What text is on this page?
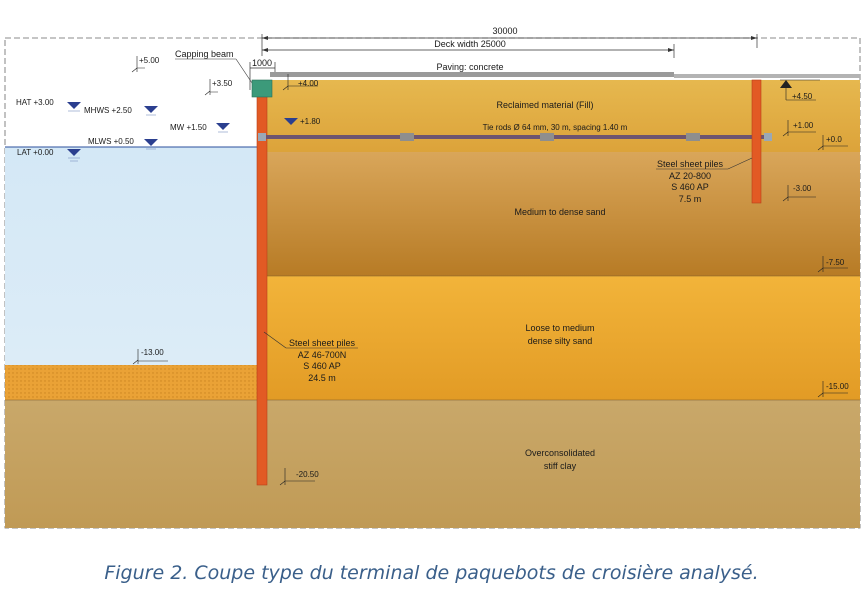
30000
Deck width 25000
1000	Paving: concrete
Capping beam
Tie rods Ø 64 mm, 30 m, spacing 1.40 m
Reclaimed material (Fill)
Medium to dense sand
Loose to medium
dense silty sand
Overconsolidated
stiff clay
Steel sheet piles
AZ 46-700N
S 460 AP
24.5 m
Steel sheet piles
AZ 20-800
S 460 AP
7.5 m
HAT +3.00
MHWS +2.50
MW +1.50
MLWS +0.50
LAT +0.00
+5.00
+3.50	+4.00
+1.80
-13.00
-20.50
+4.50
+1.00
+0.0
-3.00
-7.50
-15.00
Figure 2. Coupe type du terminal de paquebots de croisière analysé.
